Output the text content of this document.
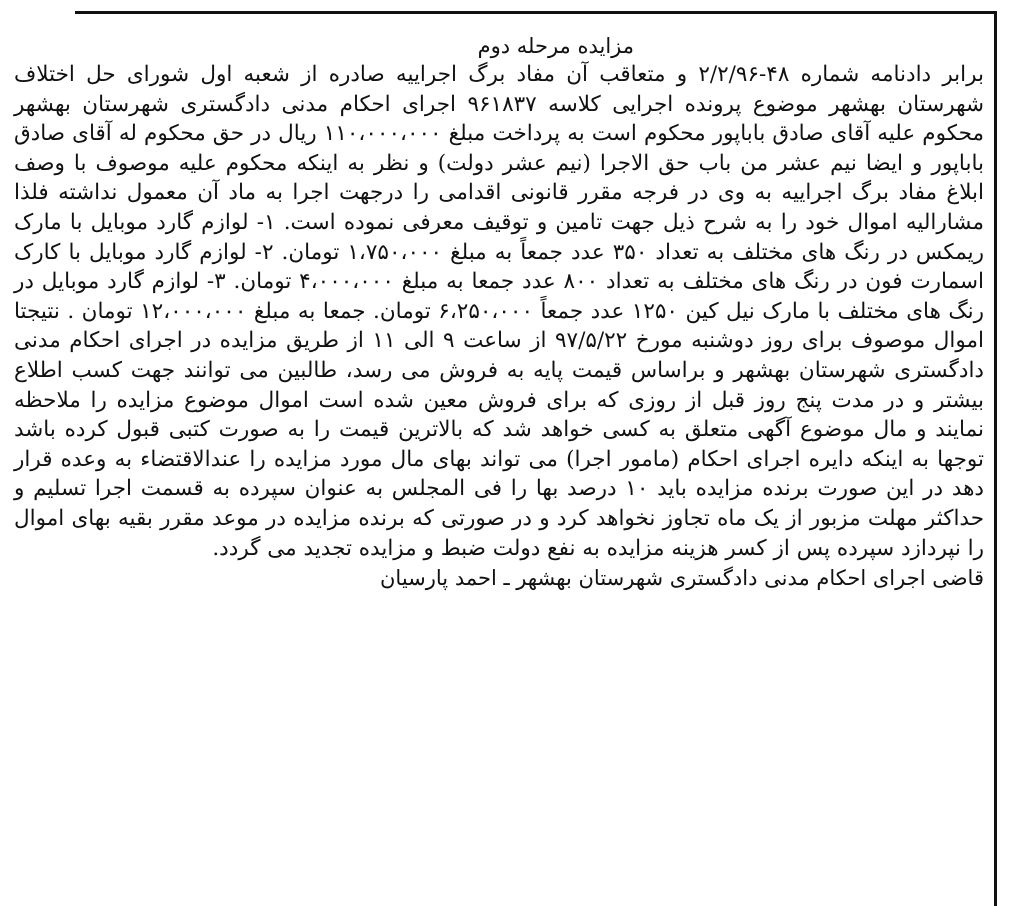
مزایده مرحله دوم

برابر دادنامه شماره ۴۸-۲/۲/۹۶ و متعاقب آن مفاد برگ اجراییه صادره از شعبه اول شورای حل اختلاف شهرستان بهشهر موضوع پرونده اجرایی کلاسه ۹۶۱۸۳۷ اجرای احکام مدنی دادگستری شهرستان بهشهر محکوم علیه آقای صادق باباپور محکوم است به پرداخت مبلغ ۱۱۰،۰۰۰،۰۰۰ ریال در حق محکوم له آقای صادق باباپور و ایضا نیم عشر من باب حق الاجرا (نیم عشر دولت) و نظر به اینکه محکوم علیه موصوف با وصف ابلاغ مفاد برگ اجراییه به وی در فرجه مقرر قانونی اقدامی را درجهت اجرا به ماد آن معمول نداشته فلذا مشارالیه اموال خود را به شرح ذیل جهت تامین و توقیف معرفی نموده است. ۱- لوازم گارد موبایل با مارک ریمکس در رنگ های مختلف به تعداد ۳۵۰ عدد جمعاً به مبلغ ۱،۷۵۰،۰۰۰ تومان. ۲- لوازم گارد موبایل با کارک اسمارت فون در رنگ های مختلف به تعداد ۸۰۰ عدد جمعا به مبلغ ۴،۰۰۰،۰۰۰ تومان. ۳- لوازم گارد موبایل در رنگ های مختلف با مارک نیل کین ۱۲۵۰ عدد جمعاً ۶،۲۵۰،۰۰۰ تومان. جمعا به مبلغ ۱۲،۰۰۰،۰۰۰ تومان . نتیجتا اموال موصوف برای روز دوشنبه مورخ ۹۷/۵/۲۲ از ساعت ۹ الی ۱۱ از طریق مزایده در اجرای احکام مدنی دادگستری شهرستان بهشهر و براساس قیمت پایه به فروش می رسد، طالبین می توانند جهت کسب اطلاع بیشتر و در مدت پنج روز قبل از روزی که برای فروش معین شده است اموال موضوع مزایده را ملاحظه نمایند و مال موضوع آگهی متعلق به کسی خواهد شد که بالاترین قیمت را به صورت کتبی قبول کرده باشد توجها به اینکه دایره اجرای احکام (مامور اجرا) می تواند بهای مال مورد مزایده را عندالاقتضاء به وعده قرار دهد در این صورت برنده مزایده باید ۱۰ درصد بها را فی المجلس به عنوان سپرده به قسمت اجرا تسلیم و حداکثر مهلت مزبور از یک ماه تجاوز نخواهد کرد و در صورتی که برنده مزایده در موعد مقرر بقیه بهای اموال را نپردازد سپرده پس از کسر هزینه مزایده به نفع دولت ضبط و مزایده تجدید می گردد.

قاضی اجرای احکام مدنی دادگستری شهرستان بهشهر ـ احمد پارسیان
